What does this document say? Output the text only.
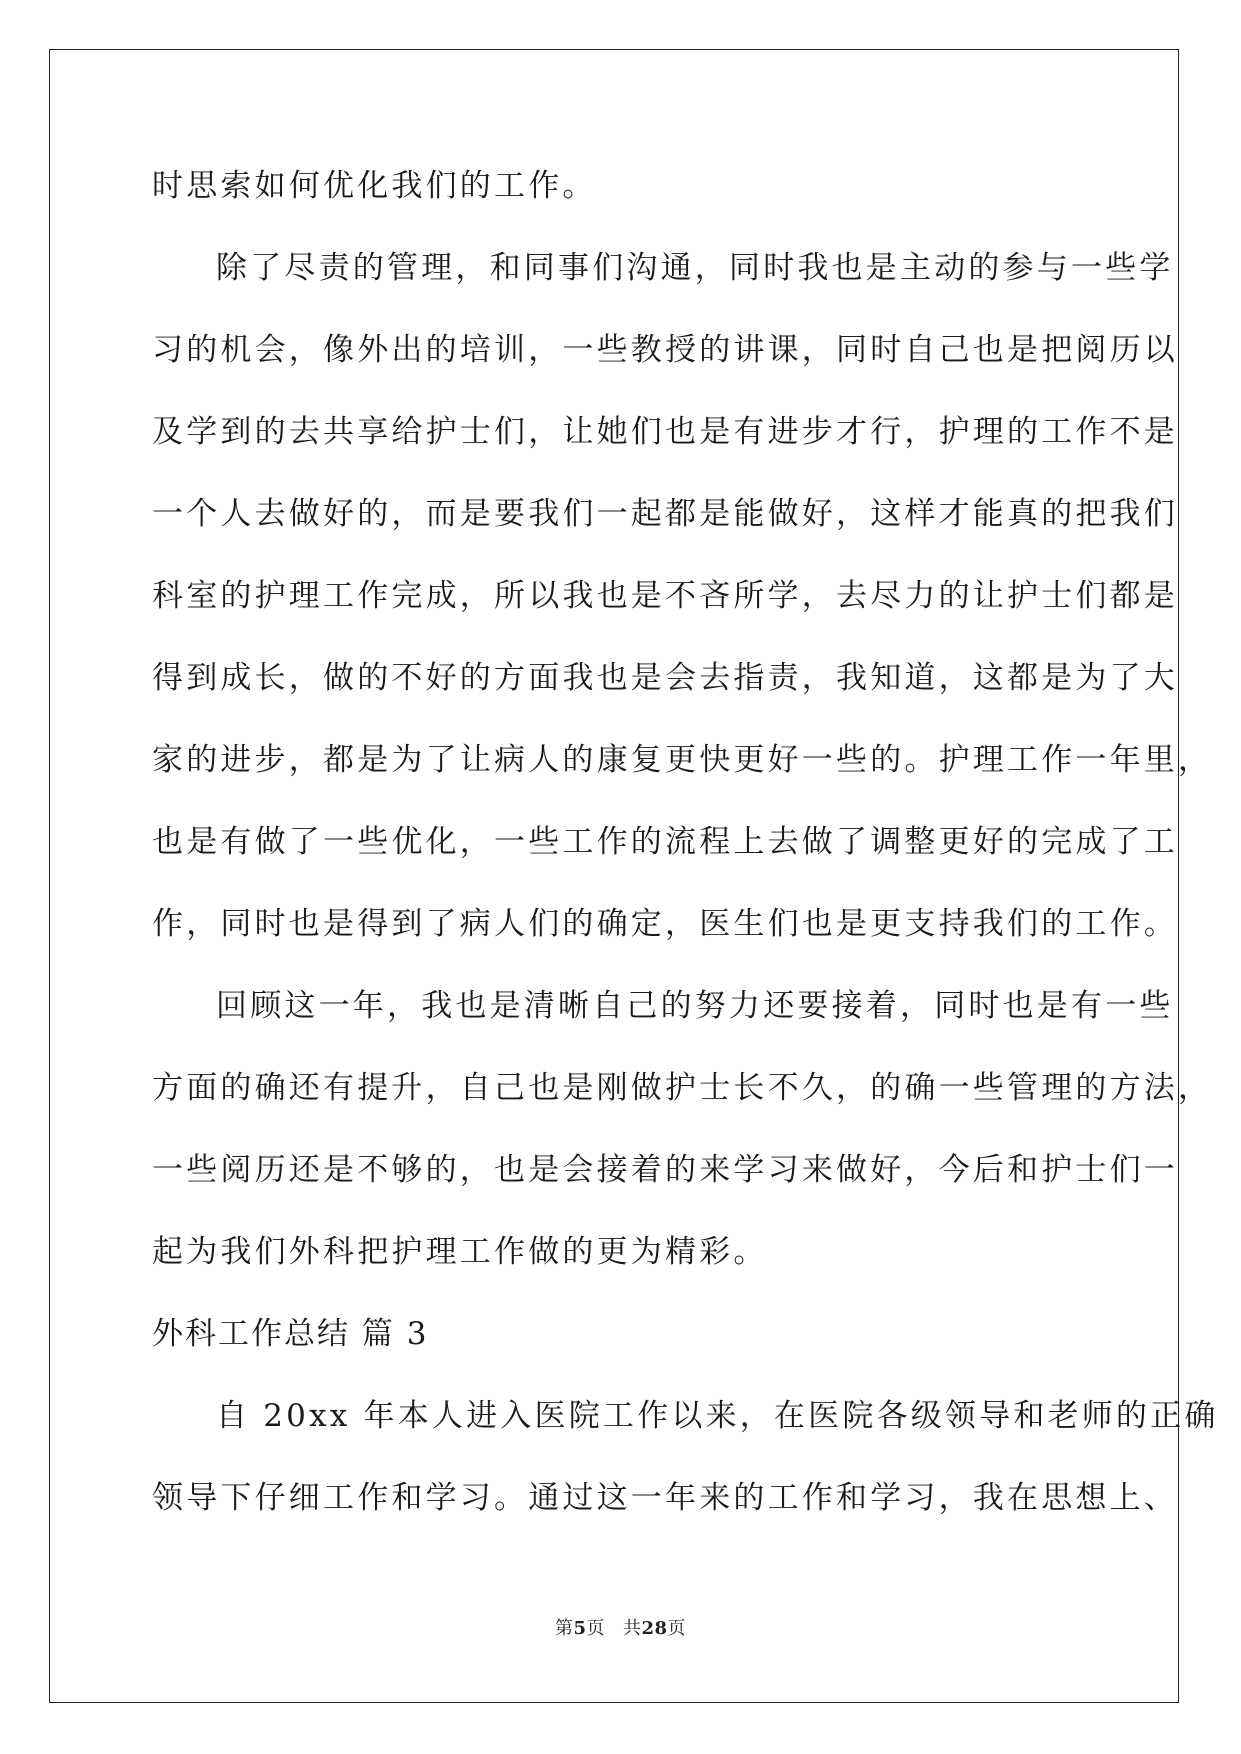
时思索如何优化我们的工作。
除了尽责的管理，和同事们沟通，同时我也是主动的参与一些学
习的机会，像外出的培训，一些教授的讲课，同时自己也是把阅历以
及学到的去共享给护士们，让她们也是有进步才行，护理的工作不是
一个人去做好的，而是要我们一起都是能做好，这样才能真的把我们
科室的护理工作完成，所以我也是不吝所学，去尽力的让护士们都是
得到成长，做的不好的方面我也是会去指责，我知道，这都是为了大
家的进步，都是为了让病人的康复更快更好一些的。护理工作一年里，
也是有做了一些优化，一些工作的流程上去做了调整更好的完成了工
作，同时也是得到了病人们的确定，医生们也是更支持我们的工作。
回顾这一年，我也是清晰自己的努力还要接着，同时也是有一些
方面的确还有提升，自己也是刚做护士长不久，的确一些管理的方法，
一些阅历还是不够的，也是会接着的来学习来做好，今后和护士们一
起为我们外科把护理工作做的更为精彩。
外科工作总结 篇 3
自 20xx 年本人进入医院工作以来，在医院各级领导和老师的正确
领导下仔细工作和学习。通过这一年来的工作和学习，我在思想上、
第5页 共28页
